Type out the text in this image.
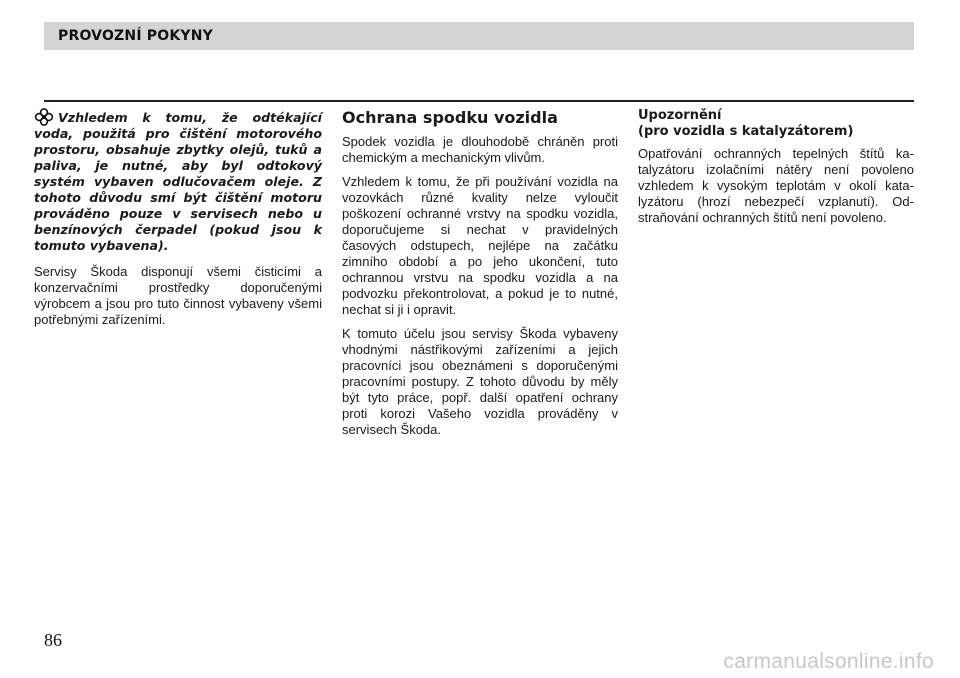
PROVOZNÍ POKYNY

Vzhledem k tomu, že odtékající voda, použitá pro čištění motorového prostoru, obsahuje zbytky olejů, tuků a paliva, je nutné, aby byl odtokový systém vybaven odlučovačem oleje. Z tohoto důvodu smí být čištění motoru prováděno pouze v servisech nebo u benzínových čerpadel (pokud jsou k tomuto vybavena).

Servisy Škoda disponují všemi čisticími a konzervačními prostředky doporučenými výrobcem a jsou pro tuto činnost vybaveny všemi potřebnými zařízeními.

Ochrana spodku vozidla

Spodek vozidla je dlouhodobě chráněn proti chemickým a mechanickým vlivům.

Vzhledem k tomu, že při používání vozidla na vozovkách různé kvality nelze vyloučit poškození ochranné vrstvy na spodku vozidla, doporučujeme si nechat v pravidelných časových odstupech, nejlépe na začátku zimního období a po jeho ukončení, tuto ochrannou vrstvu na spodku vozidla a na podvozku překontrolovat, a pokud je to nutné, nechat si ji i opravit.

K tomuto účelu jsou servisy Škoda vybaveny vhodnými nástřikovými zařízeními a jejich pracovníci jsou obeznámeni s doporučenými pracovními postupy. Z tohoto důvodu by měly být tyto práce, popř. další opatření ochrany proti korozi Vašeho vozidla prováděny v servisech Škoda.

Upozornění
(pro vozidla s katalyzátorem)

Opatřování ochranných tepelných štítů katalyzátoru izolačními nátěry není povoleno vzhledem k vysokým teplotám v okolí katalyzátoru (hrozí nebezpečí vzplanutí). Odstraňování ochranných štítů není povoleno.

86
carmanualsonline.info
